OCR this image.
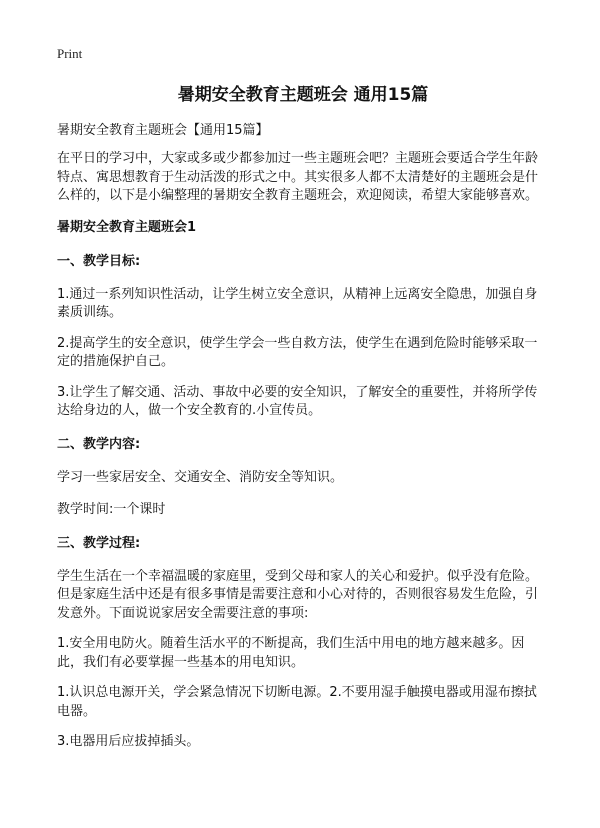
Print
暑期安全教育主题班会 通用15篇
暑期安全教育主题班会【通用15篇】

在平日的学习中，大家或多或少都参加过一些主题班会吧？主题班会要适合学生年龄特点、寓思想教育于生动活泼的形式之中。其实很多人都不太清楚好的主题班会是什么样的，以下是小编整理的暑期安全教育主题班会，欢迎阅读，希望大家能够喜欢。

暑期安全教育主题班会1
一、教学目标:

1.通过一系列知识性活动，让学生树立安全意识，从精神上远离安全隐患，加强自身素质训练。

2.提高学生的安全意识，使学生学会一些自救方法，使学生在遇到危险时能够采取一定的措施保护自己。

3.让学生了解交通、活动、事故中必要的安全知识，了解安全的重要性，并将所学传达给身边的人，做一个安全教育的.小宣传员。

二、教学内容:

学习一些家居安全、交通安全、消防安全等知识。

教学时间:一个课时

三、教学过程:

学生生活在一个幸福温暖的家庭里，受到父母和家人的关心和爱护。似乎没有危险。但是家庭生活中还是有很多事情是需要注意和小心对待的，否则很容易发生危险，引发意外。下面说说家居安全需要注意的事项:

1.安全用电防火。随着生活水平的不断提高，我们生活中用电的地方越来越多。因此，我们有必要掌握一些基本的用电知识。

1.认识总电源开关，学会紧急情况下切断电源。2.不要用湿手触摸电器或用湿布擦拭电器。

3.电器用后应拔掉插头。
